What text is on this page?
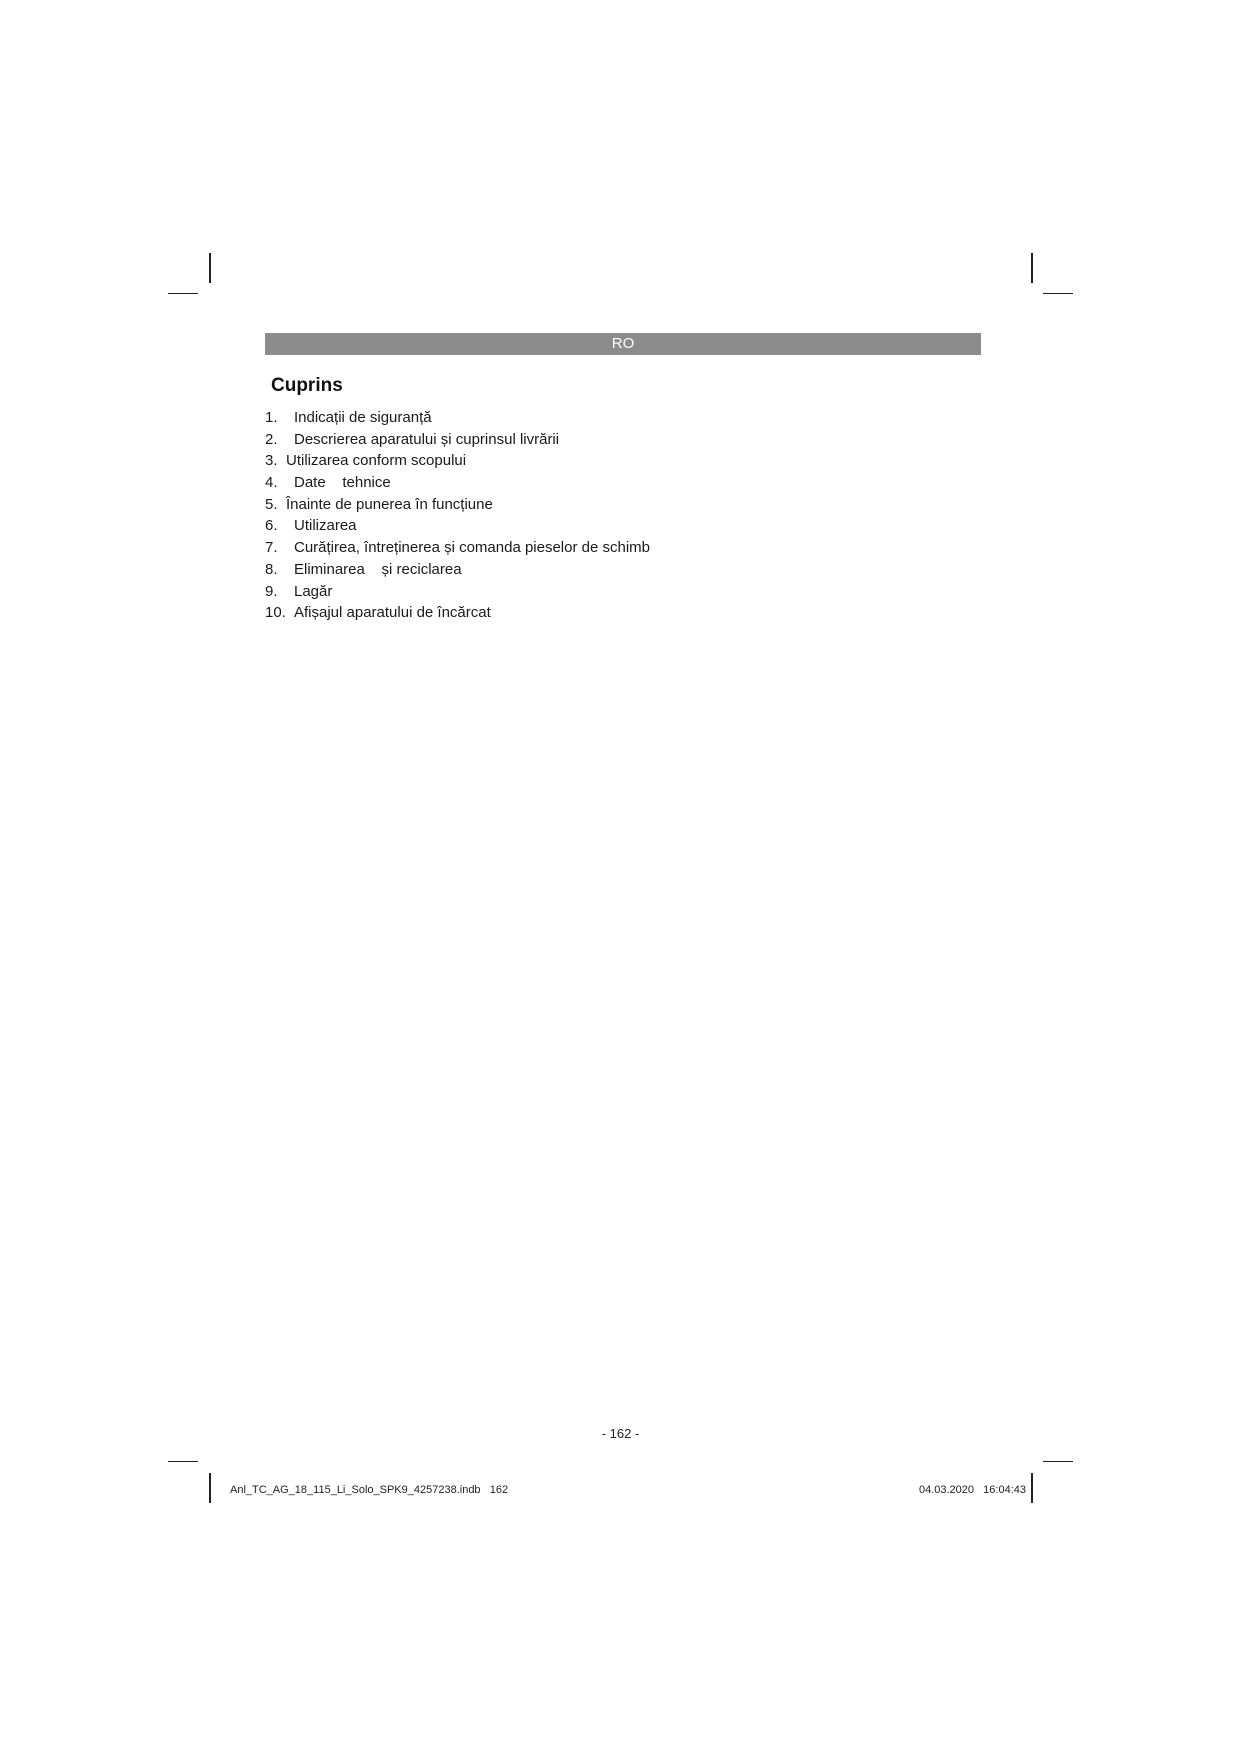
RO
Cuprins
1. Indicații de siguranță
2. Descrierea aparatului și cuprinsul livrării
3. Utilizarea conform scopului
4. Date    tehnice
5. Înainte de punerea în funcțiune
6. Utilizarea
7. Curățirea, întreținerea și comanda pieselor de schimb
8. Eliminarea    și reciclarea
9. Lagăr
10. Afișajul aparatului de încărcat
- 162 -
Anl_TC_AG_18_115_Li_Solo_SPK9_4257238.indb   162	04.03.2020   16:04:43
